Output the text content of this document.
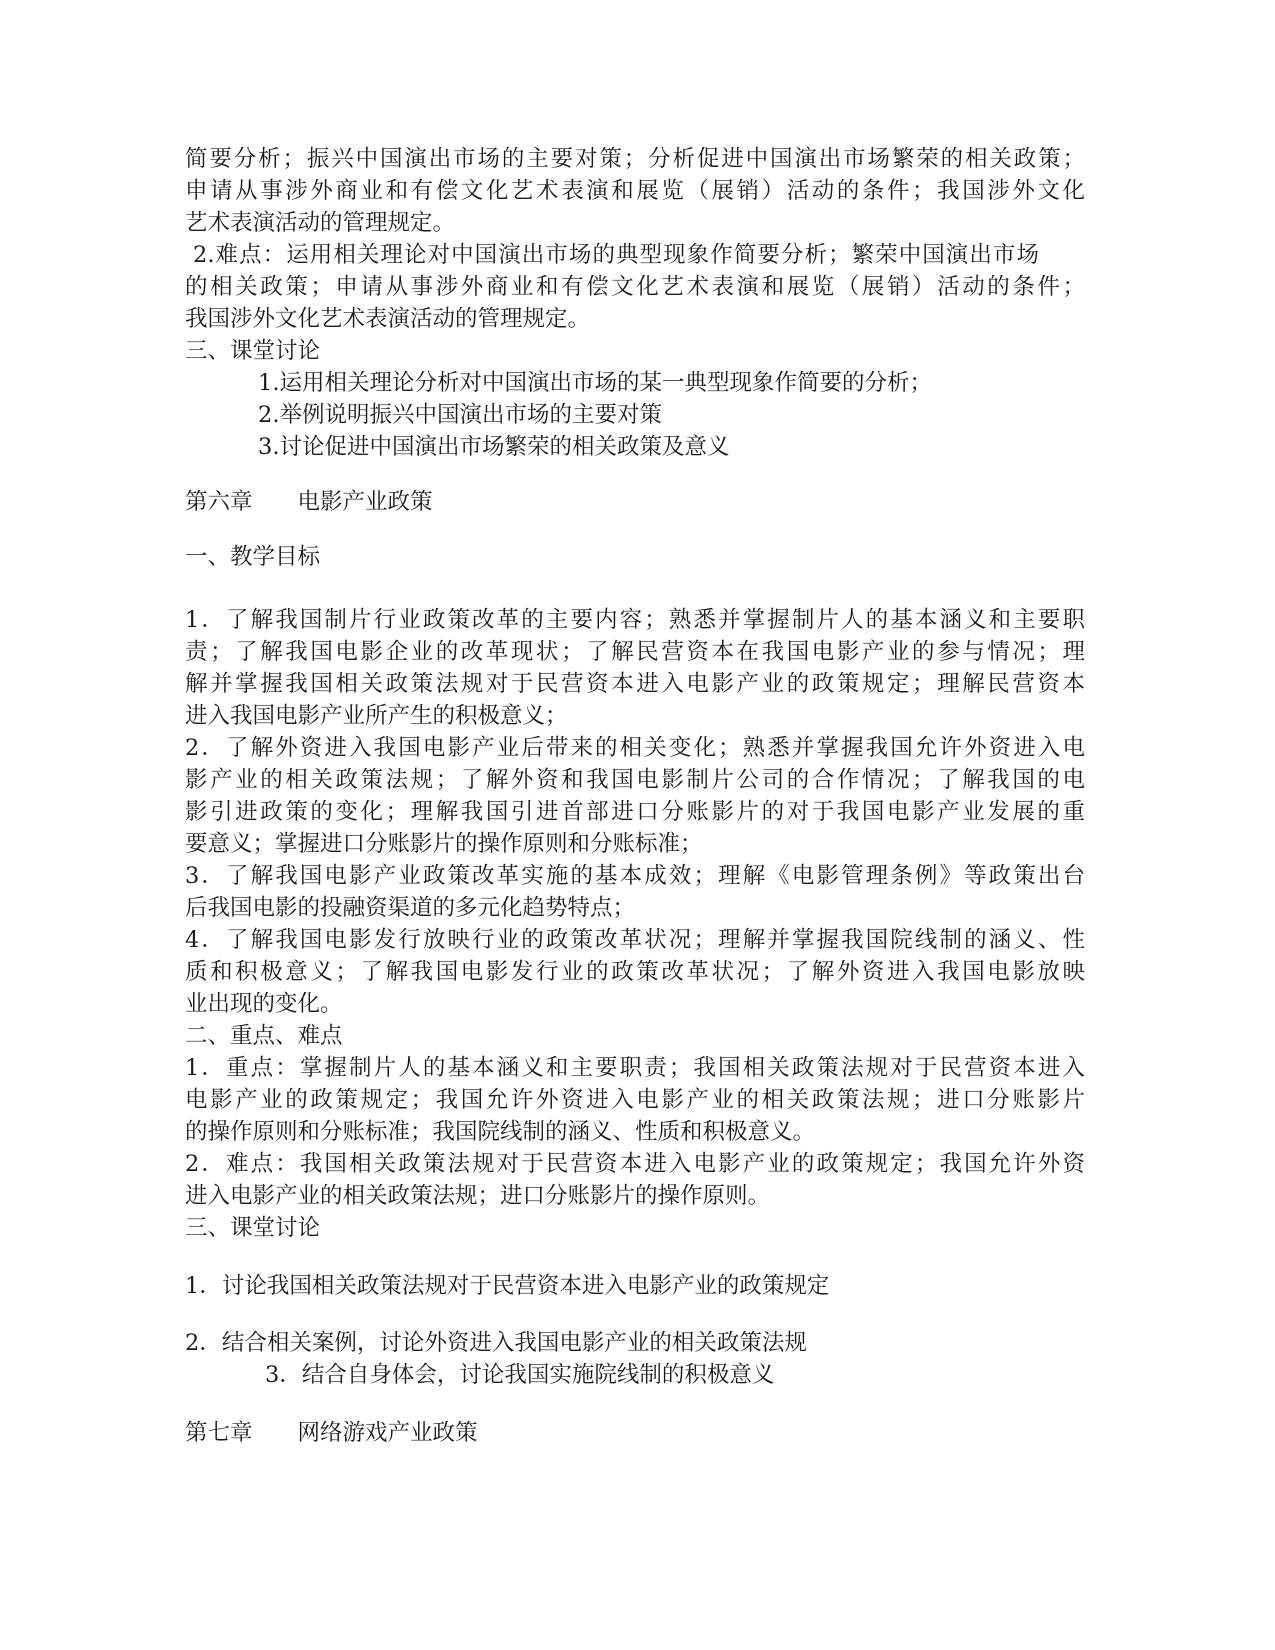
简要分析；振兴中国演出市场的主要对策；分析促进中国演出市场繁荣的相关政策；

申请从事涉外商业和有偿文化艺术表演和展览（展销）活动的条件；我国涉外文化

艺术表演活动的管理规定。

2.难点：运用相关理论对中国演出市场的典型现象作简要分析；繁荣中国演出市场

的相关政策；申请从事涉外商业和有偿文化艺术表演和展览（展销）活动的条件；

我国涉外文化艺术表演活动的管理规定。

三、课堂讨论

1.运用相关理论分析对中国演出市场的某一典型现象作简要的分析；

2.举例说明振兴中国演出市场的主要对策

3.讨论促进中国演出市场繁荣的相关政策及意义

第六章　　电影产业政策

一、教学目标

1．了解我国制片行业政策改革的主要内容；熟悉并掌握制片人的基本涵义和主要职

责；了解我国电影企业的改革现状；了解民营资本在我国电影产业的参与情况；理

解并掌握我国相关政策法规对于民营资本进入电影产业的政策规定；理解民营资本

进入我国电影产业所产生的积极意义；

2．了解外资进入我国电影产业后带来的相关变化；熟悉并掌握我国允许外资进入电

影产业的相关政策法规；了解外资和我国电影制片公司的合作情况；了解我国的电

影引进政策的变化；理解我国引进首部进口分账影片的对于我国电影产业发展的重

要意义；掌握进口分账影片的操作原则和分账标准；

3．了解我国电影产业政策改革实施的基本成效；理解《电影管理条例》等政策出台

后我国电影的投融资渠道的多元化趋势特点；

4．了解我国电影发行放映行业的政策改革状况；理解并掌握我国院线制的涵义、性

质和积极意义；了解我国电影发行业的政策改革状况；了解外资进入我国电影放映

业出现的变化。

二、重点、难点

1．重点：掌握制片人的基本涵义和主要职责；我国相关政策法规对于民营资本进入

电影产业的政策规定；我国允许外资进入电影产业的相关政策法规；进口分账影片

的操作原则和分账标准；我国院线制的涵义、性质和积极意义。

2．难点：我国相关政策法规对于民营资本进入电影产业的政策规定；我国允许外资

进入电影产业的相关政策法规；进口分账影片的操作原则。

三、课堂讨论

1．讨论我国相关政策法规对于民营资本进入电影产业的政策规定

2．结合相关案例，讨论外资进入我国电影产业的相关政策法规

3．结合自身体会，讨论我国实施院线制的积极意义

第七章　　网络游戏产业政策
